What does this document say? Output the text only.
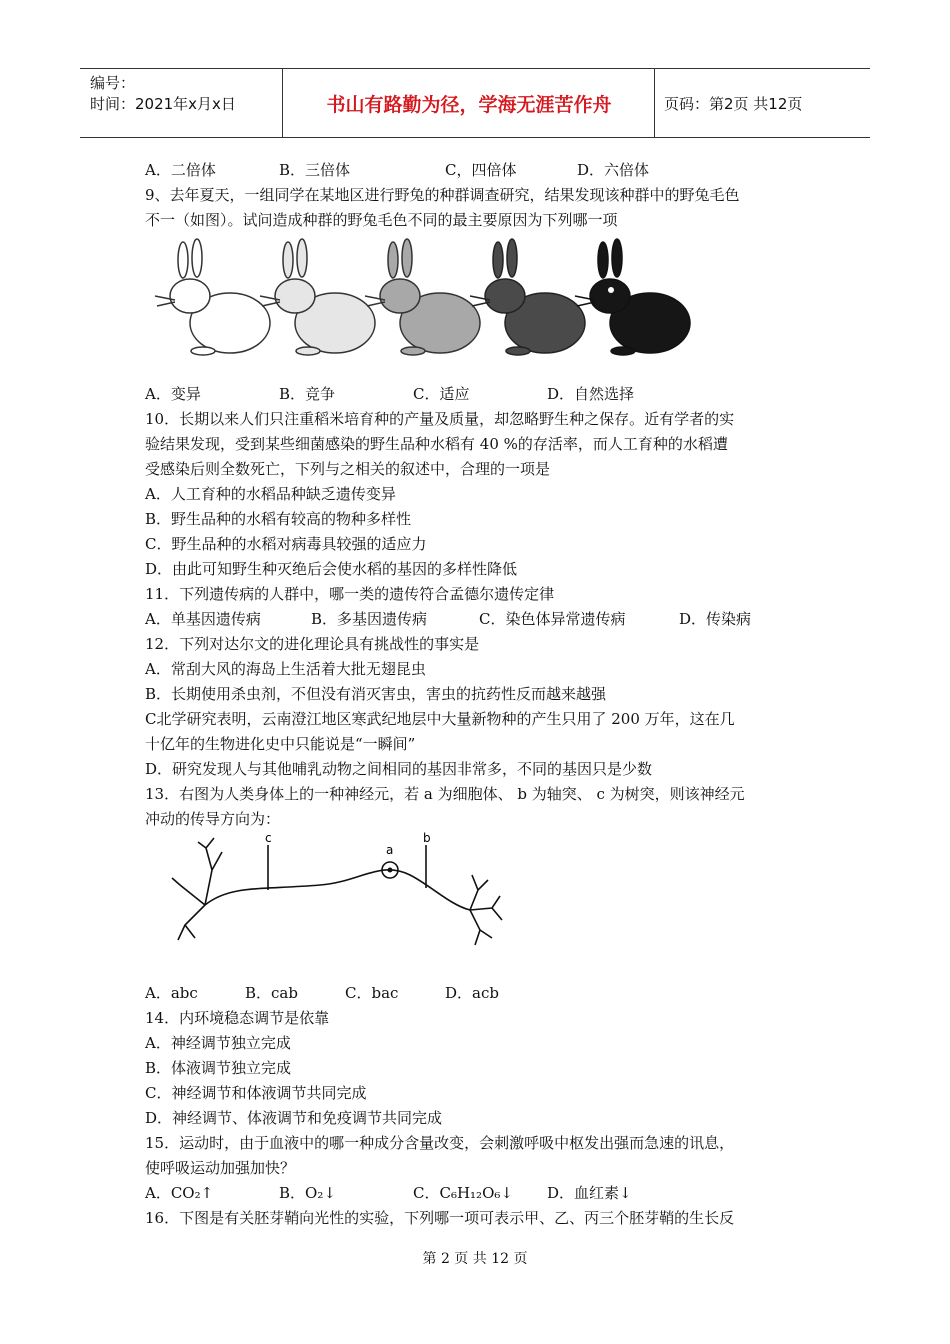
编号：
时间：2021年x月x日	书山有路勤为径，学海无涯苦作舟	页码：第2页 共12页
A．二倍体	B．三倍体	C，四倍体	D．六倍体
9、去年夏天，一组同学在某地区进行野兔的种群调查研究，结果发现该种群中的野兔毛色
不一（如图）。试问造成种群的野兔毛色不同的最主要原因为下列哪一项
A．变异	B．竞争	C．适应	D．自然选择
10．长期以来人们只注重稻米培育种的产量及质量，却忽略野生种之保存。近有学者的实
验结果发现，受到某些细菌感染的野生品种水稻有 40 %的存活率，而人工育种的水稻遭
受感染后则全数死亡，下列与之相关的叙述中，合理的一项是
A．人工育种的水稻品种缺乏遗传变异
B．野生品种的水稻有较高的物种多样性
C．野生品种的水稻对病毒具较强的适应力
D．由此可知野生种灭绝后会使水稻的基因的多样性降低
11．下列遗传病的人群中，哪一类的遗传符合孟德尔遗传定律
A．单基因遗传病	B．多基因遗传病	C．染色体异常遗传病	D．传染病
12．下列对达尔文的进化理论具有挑战性的事实是
A．常刮大风的海岛上生活着大批无翅昆虫
B．长期使用杀虫剂，不但没有消灭害虫，害虫的抗药性反而越来越强
C北学研究表明，云南澄江地区寒武纪地层中大量新物种的产生只用了 200 万年，这在几
十亿年的生物进化史中只能说是“一瞬间”
D．研究发现人与其他哺乳动物之间相同的基因非常多，不同的基因只是少数
13．右图为人类身体上的一种神经元，若 a 为细胞体、 b 为轴突、 c 为树突，则该神经元
冲动的传导方向为：
c
a
b
A．abc	B．cab	C．bac	D．acb
14．内环境稳态调节是依靠
A．神经调节独立完成
B．体液调节独立完成
C．神经调节和体液调节共同完成
D．神经调节、体液调节和免疫调节共同完成
15．运动时，由于血液中的哪一种成分含量改变，会刺激呼吸中枢发出强而急速的讯息，
使呼吸运动加强加快？
A．CO₂↑	B．O₂↓	C．C₆H₁₂O₆↓ D．血红素↓
16．下图是有关胚芽鞘向光性的实验，下列哪一项可表示甲、乙、丙三个胚芽鞘的生长反
第 2 页 共 12 页
